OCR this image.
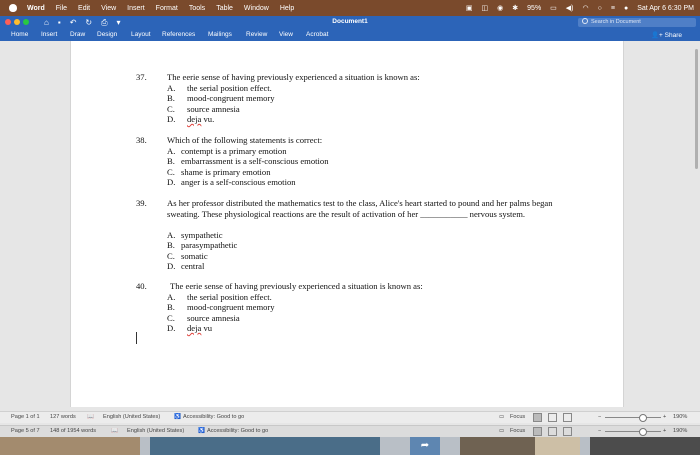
Word File Edit View Insert Format Tools Table Window Help	▣ ◫ ◉ ✱ 95% ▭ ◀) ◠ ○ ≡ ● Sat Apr 6 6:30 PM
⌂ ▪ ↶ ↻ ⎙ ▾	Document1	Search in Document
Home Insert Draw Design Layout References Mailings Review View Acrobat	👤+ Share
37. The eerie sense of having previously experienced a situation is known as:
A. the serial position effect.
B. mood-congruent memory
C. source amnesia
D. deja vu.
38. Which of the following statements is correct:
A. contempt is a primary emotion
B. embarrassment is a self-conscious emotion
C. shame is primary emotion
D. anger is a self-conscious emotion
39. As her professor distributed the mathematics test to the class, Alice's heart started to pound and her palms began sweating. These physiological reactions are the result of activation of her ___________ nervous system.
A. sympathetic
B. parasympathetic
C. somatic
D. central
40.	The eerie sense of having previously experienced a situation is known as:
A. the serial position effect.
B. mood-congruent memory
C. source amnesia
D. deja vu
Page 1 of 1 127 words 📖 English (United States) ♿ Accessibility: Good to go	▭ Focus	−	+ 190%
Page 5 of 7 148 of 1954 words	📖 English (United States) ♿ Accessibility: Good to go	▭ Focus	−	+ 190%
➦
